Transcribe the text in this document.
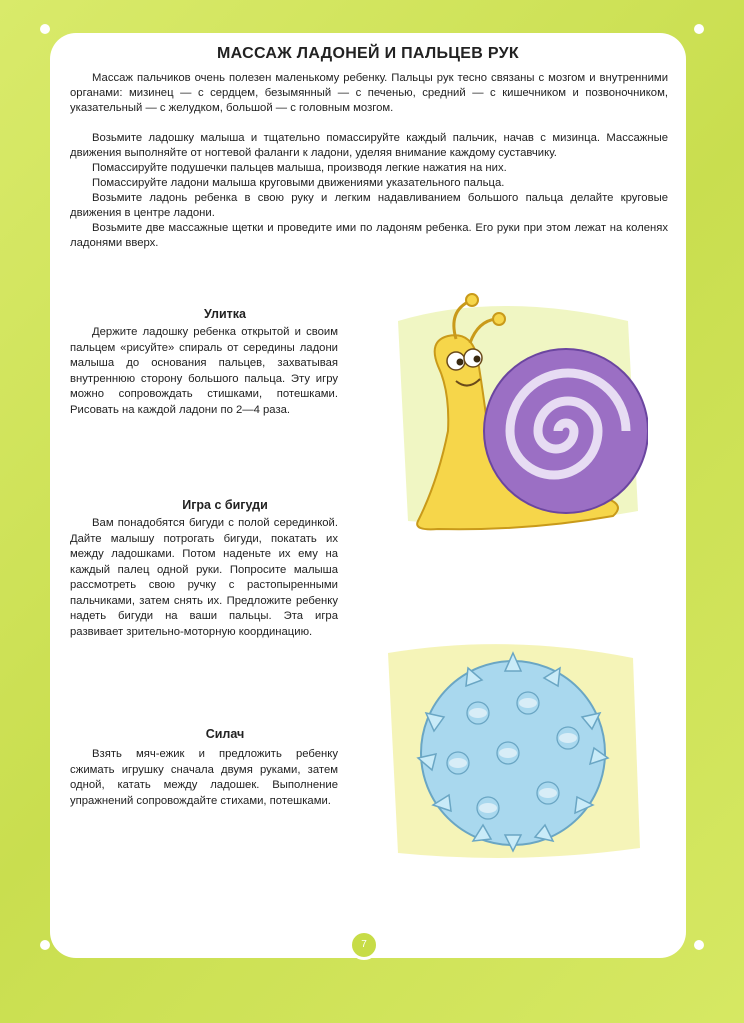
МАССАЖ ЛАДОНЕЙ И ПАЛЬЦЕВ РУК

Массаж пальчиков очень полезен маленькому ребенку. Пальцы рук тесно связаны с мозгом и внутренними органами: мизинец — с сердцем, безымянный — с печенью, средний — с кишечником и позвоночником, указательный — с желудком, большой — с головным мозгом.

Возьмите ладошку малыша и тщательно помассируйте каждый пальчик, начав с мизинца. Массажные движения выполняйте от ногтевой фаланги к ладони, уделяя внимание каждому суставчику.

Помассируйте подушечки пальцев малыша, производя легкие нажатия на них.

Помассируйте ладони малыша круговыми движениями указательного пальца.

Возьмите ладонь ребенка в свою руку и легким надавливанием большого пальца делайте круговые движения в центре ладони.

Возьмите две массажные щетки и проведите ими по ладоням ребенка. Его руки при этом лежат на коленях ладонями вверх.

Улитка

Держите ладошку ребенка открытой и своим пальцем «рисуйте» спираль от середины ладони малыша до основания пальцев, захватывая внутреннюю сторону большого пальца. Эту игру можно сопровождать стишками, потешками. Рисовать на каждой ладони по 2—4 раза.

Игра с бигуди

Вам понадобятся бигуди с полой серединкой. Дайте малышу потрогать бигуди, покатать их между ладошками. Потом наденьте их ему на каждый палец одной руки. Попросите малыша рассмотреть свою ручку с растопыренными пальчиками, затем снять их. Предложите ребенку надеть бигуди на ваши пальцы. Эта игра развивает зрительно-моторную координацию.

Силач

Взять мяч-ежик и предложить ребенку сжимать игрушку сначала двумя руками, затем одной, катать между ладошек. Выполнение упражнений сопровождайте стихами, потешками.

7
